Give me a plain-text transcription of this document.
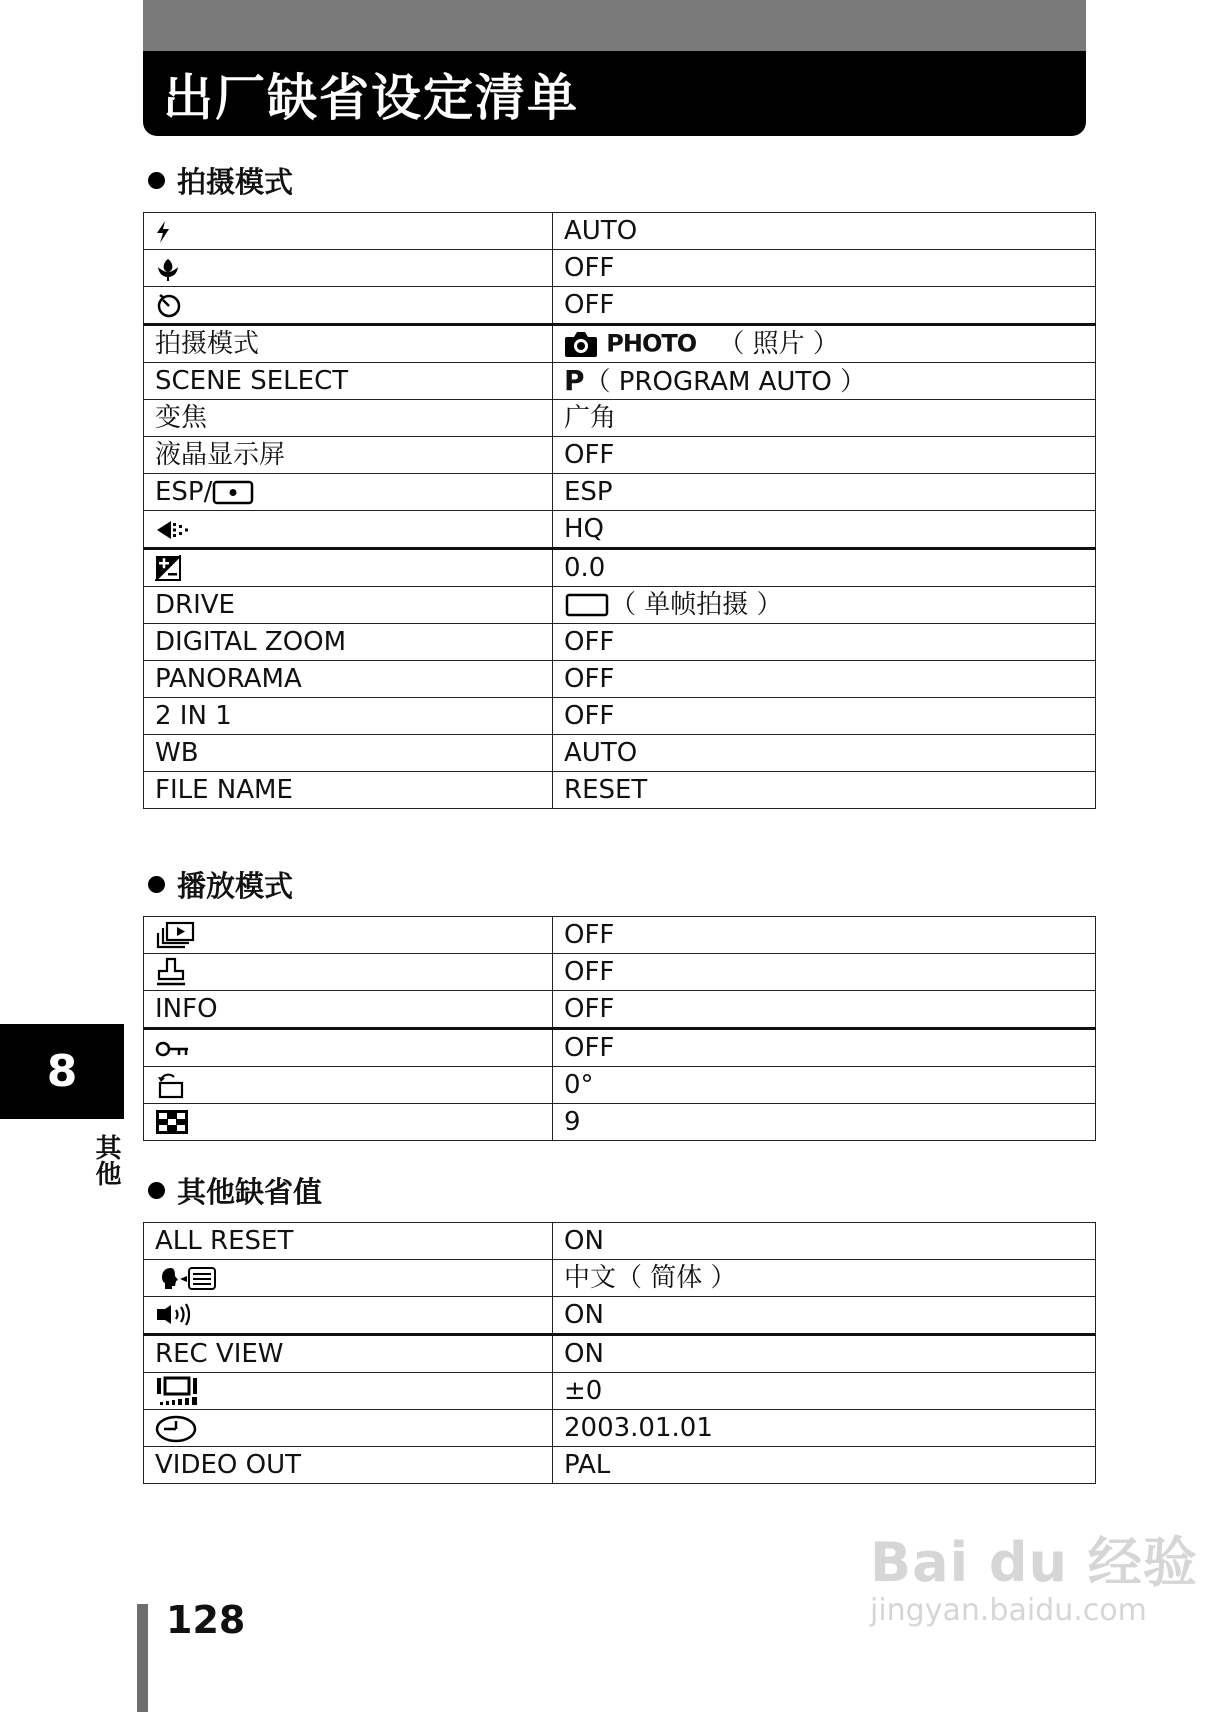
出厂缺省设定清单
拍摄模式
	AUTO
	OFF
	OFF
拍摄模式	PHOTO （ 照片 ）
SCENE SELECT	P（ PROGRAM AUTO ）
变焦	广角
液晶显示屏	OFF
ESP/	ESP
	HQ
	0.0
DRIVE	（ 单帧拍摄 ）
DIGITAL ZOOM	OFF
PANORAMA	OFF
2 IN 1	OFF
WB	AUTO
FILE NAME	RESET
播放模式
	OFF
	OFF
INFO	OFF
	OFF
	0°
	9
其他缺省值
ALL RESET	ON
	中文（ 简体 ）
	ON
REC VIEW	ON
	±0
	2003.01.01
VIDEO OUT	PAL
8
其他
128
Bai du 经验
jingyan.baidu.com
